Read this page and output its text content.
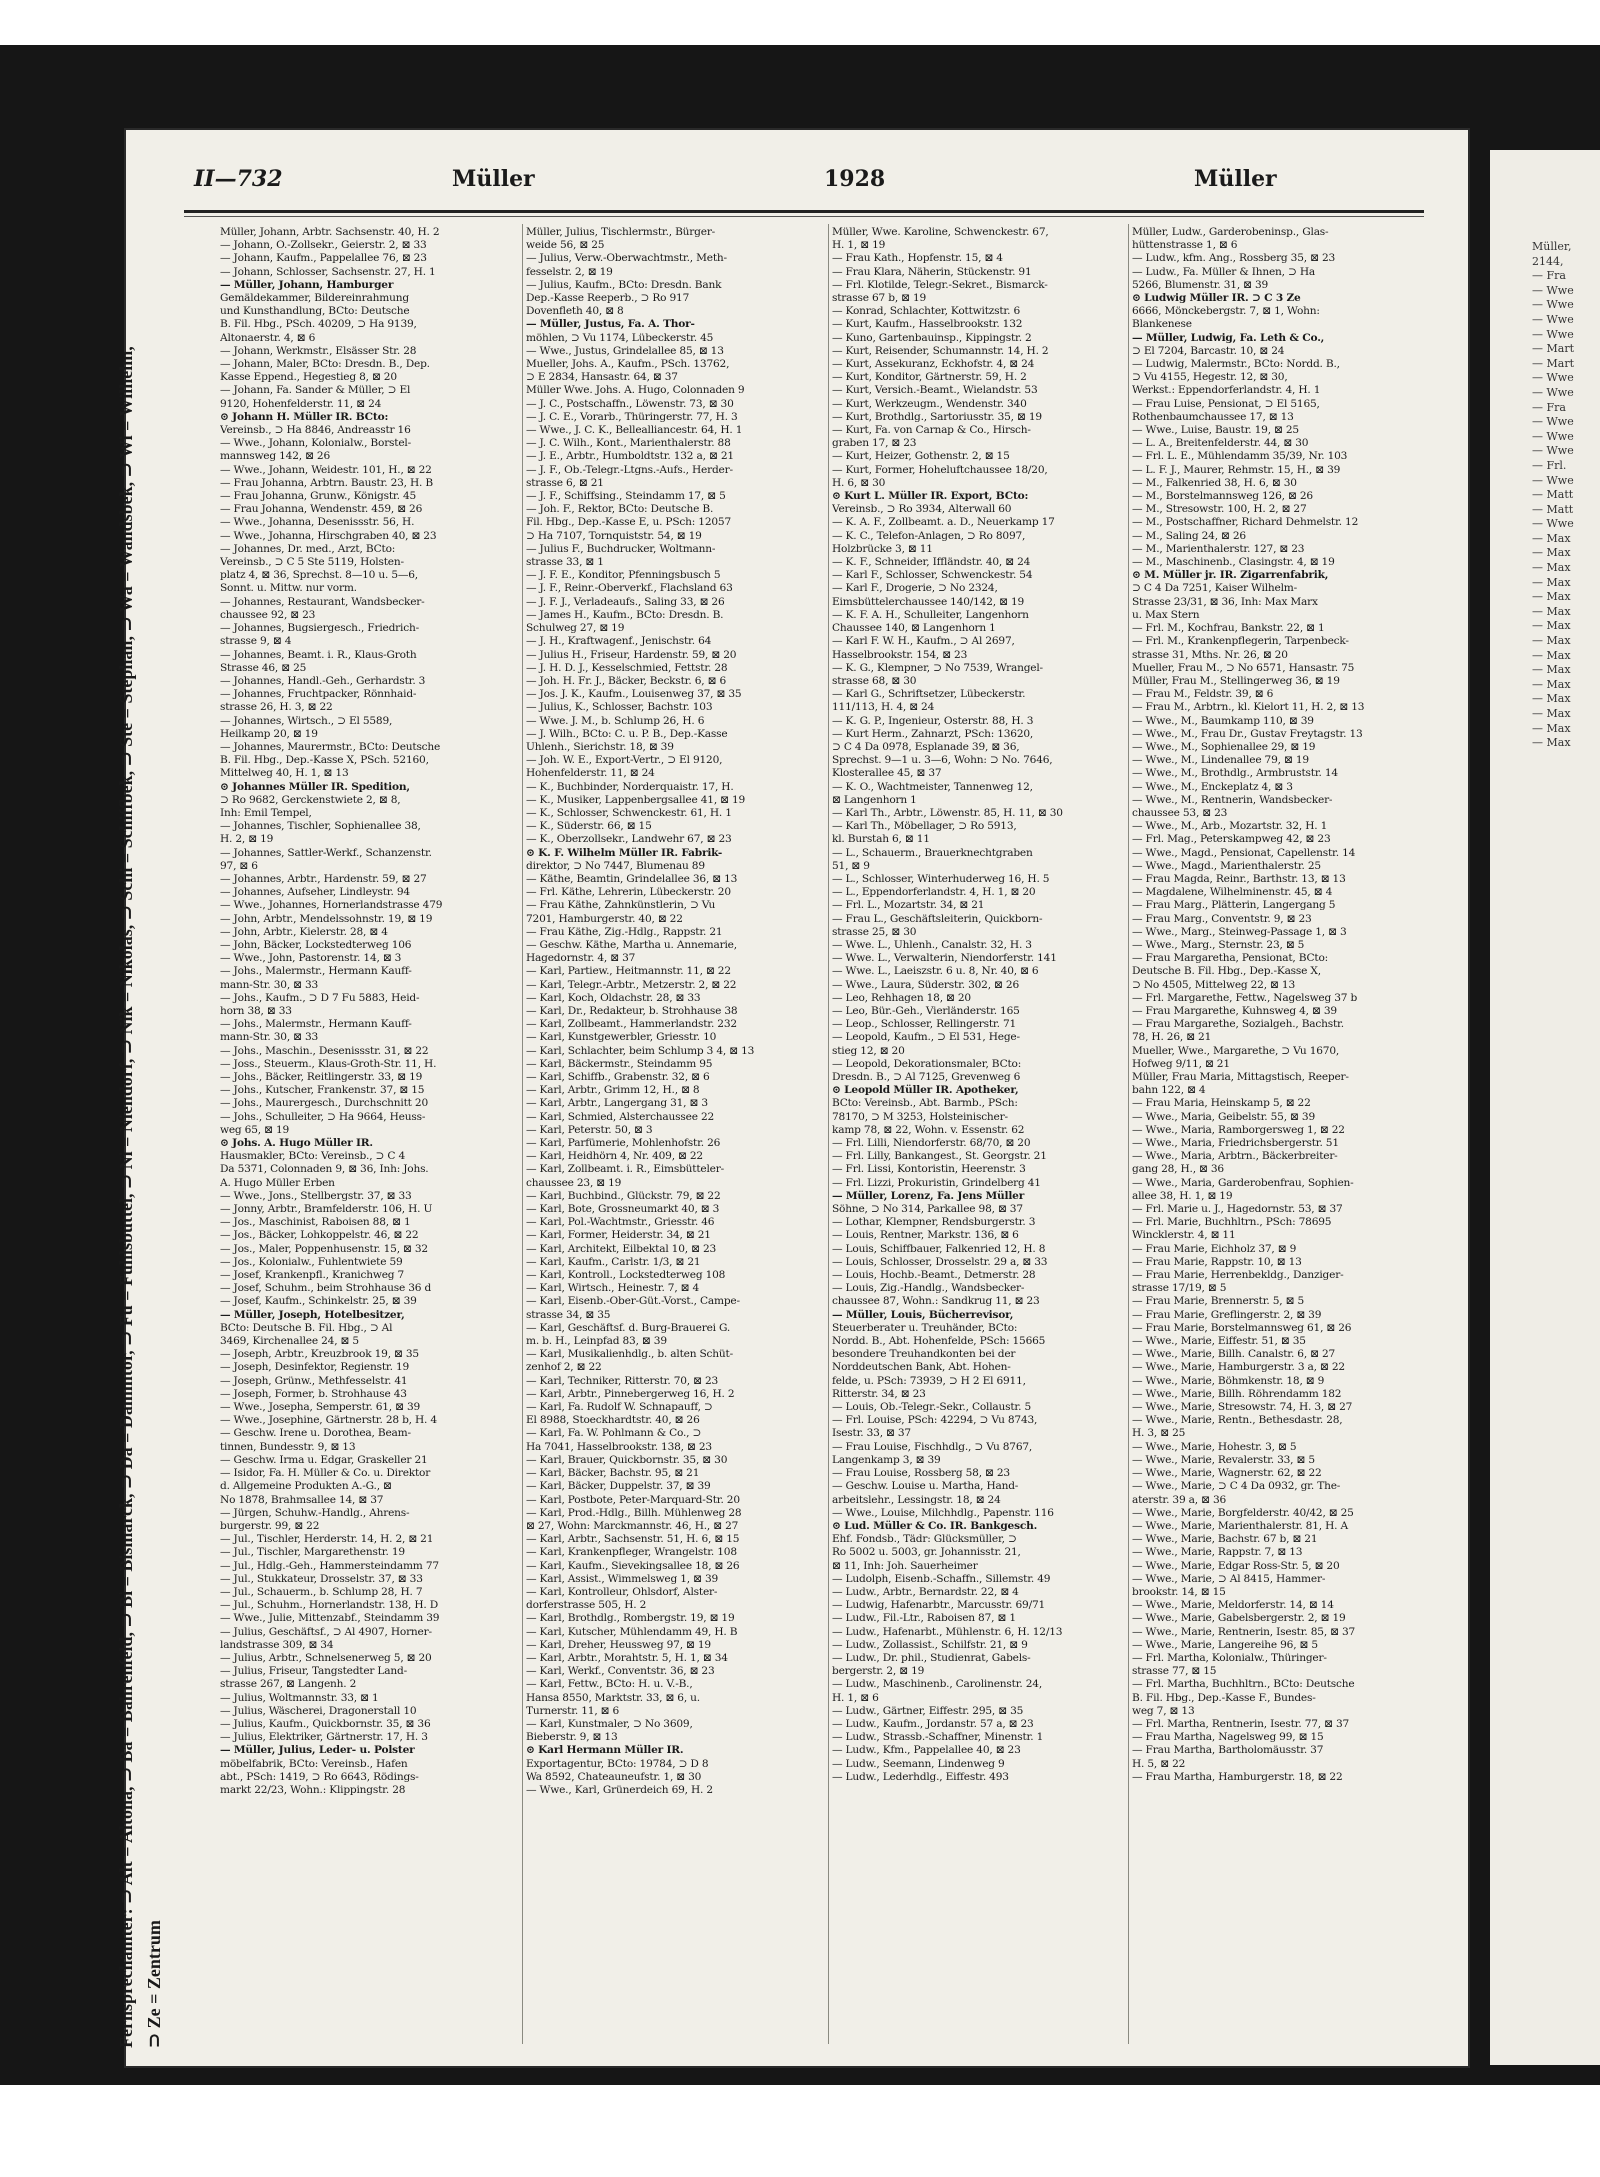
II—732	Müller	1928	Müller
Fernsprechämter: ⊃ Alt = Altona, ⊃ Ba = Bahrenfeld, ⊃ Bi = Bismarck, ⊃ Da = Dammtor, ⊃ Fu = Fuhlsbüttel, ⊃ Ni = Niendorf, ⊃ Nik = Nikolas, ⊃ Schi = Schiffbek, ⊃ Ste = Stephan, ⊃ Wa = Wandsbek, ⊃ Wi = Wilhelm, ⊃ Ze = Zentrum
Müller, Johann, Arbtr. Sachsenstr. 40, H. 2
— Johann, O.-Zollsekr., Geierstr. 2, ⊠ 33
— Johann, Kaufm., Pappelallee 76, ⊠ 23
— Johann, Schlosser, Sachsenstr. 27, H. 1
— Müller, Johann, Hamburger
Gemäldekammer, Bildereinrahmung
und Kunsthandlung, BCto: Deutsche
B. Fil. Hbg., PSch. 40209, ⊃ Ha 9139,
Altonaerstr. 4, ⊠ 6
— Johann, Werkmstr., Elsässer Str. 28
— Johann, Maler, BCto: Dresdn. B., Dep.
Kasse Eppend., Hegestieg 8, ⊠ 20
— Johann, Fa. Sander & Müller, ⊃ El
9120, Hohenfelderstr. 11, ⊠ 24
⊙ Johann H. Müller IR. BCto:
Vereinsb., ⊃ Ha 8846, Andreasstr 16
— Wwe., Johann, Kolonialw., Borstel-
mannsweg 142, ⊠ 26
— Wwe., Johann, Weidestr. 101, H., ⊠ 22
— Frau Johanna, Arbtrn. Baustr. 23, H. B
— Frau Johanna, Grunw., Königstr. 45
— Frau Johanna, Wendenstr. 459, ⊠ 26
— Wwe., Johanna, Desenissstr. 56, H.
— Wwe., Johanna, Hirschgraben 40, ⊠ 23
— Johannes, Dr. med., Arzt, BCto:
Vereinsb., ⊃ C 5 Ste 5119, Holsten-
platz 4, ⊠ 36, Sprechst. 8—10 u. 5—6,
Sonnt. u. Mittw. nur vorm.
— Johannes, Restaurant, Wandsbecker-
chaussee 92, ⊠ 23
— Johannes, Bugsiergesch., Friedrich-
strasse 9, ⊠ 4
— Johannes, Beamt. i. R., Klaus-Groth
Strasse 46, ⊠ 25
— Johannes, Handl.-Geh., Gerhardstr. 3
— Johannes, Fruchtpacker, Rönnhaid-
strasse 26, H. 3, ⊠ 22
— Johannes, Wirtsch., ⊃ El 5589,
Heilkamp 20, ⊠ 19
— Johannes, Maurermstr., BCto: Deutsche
B. Fil. Hbg., Dep.-Kasse X, PSch. 52160,
Mittelweg 40, H. 1, ⊠ 13
⊙ Johannes Müller IR. Spedition,
⊃ Ro 9682, Gerckenstwiete 2, ⊠ 8,
Inh: Emil Tempel,
— Johannes, Tischler, Sophienallee 38,
H. 2, ⊠ 19
— Johannes, Sattler-Werkf., Schanzenstr.
97, ⊠ 6
— Johannes, Arbtr., Hardenstr. 59, ⊠ 27
— Johannes, Aufseher, Lindleystr. 94
— Wwe., Johannes, Hornerlandstrasse 479
— John, Arbtr., Mendelssohnstr. 19, ⊠ 19
— John, Arbtr., Kielerstr. 28, ⊠ 4
— John, Bäcker, Lockstedterweg 106
— Wwe., John, Pastorenstr. 14, ⊠ 3
— Johs., Malermstr., Hermann Kauff-
mann-Str. 30, ⊠ 33
— Johs., Kaufm., ⊃ D 7 Fu 5883, Heid-
horn 38, ⊠ 33
— Johs., Malermstr., Hermann Kauff-
mann-Str. 30, ⊠ 33
— Johs., Maschin., Desenissstr. 31, ⊠ 22
— Joss., Steuerm., Klaus-Groth-Str. 11, H.
— Johs., Bäcker, Reitlingerstr. 33, ⊠ 19
— Johs., Kutscher, Frankenstr. 37, ⊠ 15
— Johs., Maurergesch., Durchschnitt 20
— Johs., Schulleiter, ⊃ Ha 9664, Heuss-
weg 65, ⊠ 19
⊙ Johs. A. Hugo Müller IR.
Hausmakler, BCto: Vereinsb., ⊃ C 4
Da 5371, Colonnaden 9, ⊠ 36, Inh: Johs.
A. Hugo Müller Erben
— Wwe., Jons., Stellbergstr. 37, ⊠ 33
— Jonny, Arbtr., Bramfelderstr. 106, H. U
— Jos., Maschinist, Raboisen 88, ⊠ 1
— Jos., Bäcker, Lohkoppelstr. 46, ⊠ 22
— Jos., Maler, Poppenhusenstr. 15, ⊠ 32
— Jos., Kolonialw., Fuhlentwiete 59
— Josef, Krankenpfl., Kranichweg 7
— Josef, Schuhm., beim Strohhause 36 d
— Josef, Kaufm., Schinkelstr. 25, ⊠ 39
— Müller, Joseph, Hotelbesitzer,
BCto: Deutsche B. Fil. Hbg., ⊃ Al
3469, Kirchenallee 24, ⊠ 5
— Joseph, Arbtr., Kreuzbrook 19, ⊠ 35
— Joseph, Desinfektor, Regienstr. 19
— Joseph, Grünw., Methfesselstr. 41
— Joseph, Former, b. Strohhause 43
— Wwe., Josepha, Semperstr. 61, ⊠ 39
— Wwe., Josephine, Gärtnerstr. 28 b, H. 4
— Geschw. Irene u. Dorothea, Beam-
tinnen, Bundesstr. 9, ⊠ 13
— Geschw. Irma u. Edgar, Graskeller 21
— Isidor, Fa. H. Müller & Co. u. Direktor
d. Allgemeine Produkten A.-G., ⊠
No 1878, Brahmsallee 14, ⊠ 37
— Jürgen, Schuhw.-Handlg., Ahrens-
burgerstr. 99, ⊠ 22
— Jul., Tischler, Herderstr. 14, H. 2, ⊠ 21
— Jul., Tischler, Margarethenstr. 19
— Jul., Hdlg.-Geh., Hammersteindamm 77
— Jul., Stukkateur, Drosselstr. 37, ⊠ 33
— Jul., Schauerm., b. Schlump 28, H. 7
— Jul., Schuhm., Hornerlandstr. 138, H. D
— Wwe., Julie, Mittenzabf., Steindamm 39
— Julius, Geschäftsf., ⊃ Al 4907, Horner-
landstrasse 309, ⊠ 34
— Julius, Arbtr., Schnelsenerweg 5, ⊠ 20
— Julius, Friseur, Tangstedter Land-
strasse 267, ⊠ Langenh. 2
— Julius, Woltmannstr. 33, ⊠ 1
— Julius, Wäscherei, Dragonerstall 10
— Julius, Kaufm., Quickbornstr. 35, ⊠ 36
— Julius, Elektriker, Gärtnerstr. 17, H. 3
— Müller, Julius, Leder- u. Polster
möbelfabrik, BCto: Vereinsb., Hafen
abt., PSch: 1419, ⊃ Ro 6643, Rödings-
markt 22/23, Wohn.: Klippingstr. 28
Müller, Julius, Tischlermstr., Bürger-
weide 56, ⊠ 25
— Julius, Verw.-Oberwachtmstr., Meth-
fesselstr. 2, ⊠ 19
— Julius, Kaufm., BCto: Dresdn. Bank
Dep.-Kasse Reeperb., ⊃ Ro 917
Dovenfleth 40, ⊠ 8
— Müller, Justus, Fa. A. Thor-
möhlen, ⊃ Vu 1174, Lübeckerstr. 45
— Wwe., Justus, Grindelallee 85, ⊠ 13
Mueller, Johs. A., Kaufm., PSch. 13762,
⊃ E 2834, Hansastr. 64, ⊠ 37
Müller Wwe. Johs. A. Hugo, Colonnaden 9
— J. C., Postschaffn., Löwenstr. 73, ⊠ 30
— J. C. E., Vorarb., Thüringerstr. 77, H. 3
— Wwe., J. C. K., Bellealliancestr. 64, H. 1
— J. C. Wilh., Kont., Marienthalerstr. 88
— J. E., Arbtr., Humboldtstr. 132 a, ⊠ 21
— J. F., Ob.-Telegr.-Ltgns.-Aufs., Herder-
strasse 6, ⊠ 21
— J. F., Schiffsing., Steindamm 17, ⊠ 5
— Joh. F., Rektor, BCto: Deutsche B.
Fil. Hbg., Dep.-Kasse E, u. PSch: 12057
⊃ Ha 7107, Tornquiststr. 54, ⊠ 19
— Julius F., Buchdrucker, Woltmann-
strasse 33, ⊠ 1
— J. F. E., Konditor, Pfenningsbusch 5
— J. F., Reinr.-Oberverkf., Flachsland 63
— J. F. J., Verladeaufs., Saling 33, ⊠ 26
— James H., Kaufm., BCto: Dresdn. B.
Schulweg 27, ⊠ 19
— J. H., Kraftwagenf., Jenischstr. 64
— Julius H., Friseur, Hardenstr. 59, ⊠ 20
— J. H. D. J., Kesselschmied, Fettstr. 28
— Joh. H. Fr. J., Bäcker, Beckstr. 6, ⊠ 6
— Jos. J. K., Kaufm., Louisenweg 37, ⊠ 35
— Julius, K., Schlosser, Bachstr. 103
— Wwe. J. M., b. Schlump 26, H. 6
— J. Wilh., BCto: C. u. P. B., Dep.-Kasse
Uhlenh., Sierichstr. 18, ⊠ 39
— Joh. W. E., Export-Vertr., ⊃ El 9120,
Hohenfelderstr. 11, ⊠ 24
— K., Buchbinder, Norderquaistr. 17, H.
— K., Musiker, Lappenbergsallee 41, ⊠ 19
— K., Schlosser, Schwenckestr. 61, H. 1
— K., Süderstr. 66, ⊠ 15
— K., Oberzollsekr., Landwehr 67, ⊠ 23
⊙ K. F. Wilhelm Müller IR. Fabrik-
direktor, ⊃ No 7447, Blumenau 89
— Käthe, Beamtin, Grindelallee 36, ⊠ 13
— Frl. Käthe, Lehrerin, Lübeckerstr. 20
— Frau Käthe, Zahnkünstlerin, ⊃ Vu
7201, Hamburgerstr. 40, ⊠ 22
— Frau Käthe, Zig.-Hdlg., Rappstr. 21
— Geschw. Käthe, Martha u. Annemarie,
Hagedornstr. 4, ⊠ 37
— Karl, Partiew., Heitmannstr. 11, ⊠ 22
— Karl, Telegr.-Arbtr., Metzerstr. 2, ⊠ 22
— Karl, Koch, Oldachstr. 28, ⊠ 33
— Karl, Dr., Redakteur, b. Strohhause 38
— Karl, Zollbeamt., Hammerlandstr. 232
— Karl, Kunstgewerbler, Griesstr. 10
— Karl, Schlachter, beim Schlump 3 4, ⊠ 13
— Karl, Bäckermstr., Steindamm 95
— Karl, Schiffb., Grabenstr. 32, ⊠ 6
— Karl, Arbtr., Grimm 12, H., ⊠ 8
— Karl, Arbtr., Langergang 31, ⊠ 3
— Karl, Schmied, Alsterchaussee 22
— Karl, Peterstr. 50, ⊠ 3
— Karl, Parfümerie, Mohlenhofstr. 26
— Karl, Heidhörn 4, Nr. 409, ⊠ 22
— Karl, Zollbeamt. i. R., Eimsbütteler-
chaussee 23, ⊠ 19
— Karl, Buchbind., Glückstr. 79, ⊠ 22
— Karl, Bote, Grossneumarkt 40, ⊠ 3
— Karl, Pol.-Wachtmstr., Griesstr. 46
— Karl, Former, Heiderstr. 34, ⊠ 21
— Karl, Architekt, Eilbektal 10, ⊠ 23
— Karl, Kaufm., Carlstr. 1/3, ⊠ 21
— Karl, Kontroll., Lockstedterweg 108
— Karl, Wirtsch., Heinestr. 7, ⊠ 4
— Karl, Eisenb.-Ober-Güt.-Vorst., Campe-
strasse 34, ⊠ 35
— Karl, Geschäftsf. d. Burg-Brauerei G.
m. b. H., Leinpfad 83, ⊠ 39
— Karl, Musikalienhdlg., b. alten Schüt-
zenhof 2, ⊠ 22
— Karl, Techniker, Ritterstr. 70, ⊠ 23
— Karl, Arbtr., Pinnebergerweg 16, H. 2
— Karl, Fa. Rudolf W. Schnapauff, ⊃
El 8988, Stoeckhardtstr. 40, ⊠ 26
— Karl, Fa. W. Pohlmann & Co., ⊃
Ha 7041, Hasselbrookstr. 138, ⊠ 23
— Karl, Brauer, Quickbornstr. 35, ⊠ 30
— Karl, Bäcker, Bachstr. 95, ⊠ 21
— Karl, Bäcker, Duppelstr. 37, ⊠ 39
— Karl, Postbote, Peter-Marquard-Str. 20
— Karl, Prod.-Hdlg., Billh. Mühlenweg 28
⊠ 27, Wohn: Marckmannstr. 46, H., ⊠ 27
— Karl, Arbtr., Sachsenstr. 51, H. 6, ⊠ 15
— Karl, Krankenpfleger, Wrangelstr. 108
— Karl, Kaufm., Sievekingsallee 18, ⊠ 26
— Karl, Assist., Wimmelsweg 1, ⊠ 39
— Karl, Kontrolleur, Ohlsdorf, Alster-
dorferstrasse 505, H. 2
— Karl, Brothdlg., Rombergstr. 19, ⊠ 19
— Karl, Kutscher, Mühlendamm 49, H. B
— Karl, Dreher, Heussweg 97, ⊠ 19
— Karl, Arbtr., Morahtstr. 5, H. 1, ⊠ 34
— Karl, Werkf., Conventstr. 36, ⊠ 23
— Karl, Fettw., BCto: H. u. V.-B.,
Hansa 8550, Marktstr. 33, ⊠ 6, u.
Turnerstr. 11, ⊠ 6
— Karl, Kunstmaler, ⊃ No 3609,
Bieberstr. 9, ⊠ 13
⊙ Karl Hermann Müller IR.
Exportagentur, BCto: 19784, ⊃ D 8
Wa 8592, Chateauneufstr. 1, ⊠ 30
— Wwe., Karl, Grünerdeich 69, H. 2
Müller, Wwe. Karoline, Schwenckestr. 67,
H. 1, ⊠ 19
— Frau Kath., Hopfenstr. 15, ⊠ 4
— Frau Klara, Näherin, Stückenstr. 91
— Frl. Klotilde, Telegr.-Sekret., Bismarck-
strasse 67 b, ⊠ 19
— Konrad, Schlachter, Kottwitzstr. 6
— Kurt, Kaufm., Hasselbrookstr. 132
— Kuno, Gartenbauinsp., Kippingstr. 2
— Kurt, Reisender, Schumannstr. 14, H. 2
— Kurt, Assekuranz, Eckhofstr. 4, ⊠ 24
— Kurt, Konditor, Gärtnerstr. 59, H. 2
— Kurt, Versich.-Beamt., Wielandstr. 53
— Kurt, Werkzeugm., Wendenstr. 340
— Kurt, Brothdlg., Sartoriusstr. 35, ⊠ 19
— Kurt, Fa. von Carnap & Co., Hirsch-
graben 17, ⊠ 23
— Kurt, Heizer, Gothenstr. 2, ⊠ 15
— Kurt, Former, Hoheluftchaussee 18/20,
H. 6, ⊠ 30
⊙ Kurt L. Müller IR. Export, BCto:
Vereinsb., ⊃ Ro 3934, Alterwall 60
— K. A. F., Zollbeamt. a. D., Neuerkamp 17
— K. C., Telefon-Anlagen, ⊃ Ro 8097,
Holzbrücke 3, ⊠ 11
— K. F., Schneider, Iffländstr. 40, ⊠ 24
— Karl F., Schlosser, Schwenckestr. 54
— Karl F., Drogerie, ⊃ No 2324,
Eimsbüttelerchaussee 140/142, ⊠ 19
— K. F. A. H., Schulleiter, Langenhorn
Chaussee 140, ⊠ Langenhorn 1
— Karl F. W. H., Kaufm., ⊃ Al 2697,
Hasselbrookstr. 154, ⊠ 23
— K. G., Klempner, ⊃ No 7539, Wrangel-
strasse 68, ⊠ 30
— Karl G., Schriftsetzer, Lübeckerstr.
111/113, H. 4, ⊠ 24
— K. G. P., Ingenieur, Osterstr. 88, H. 3
— Kurt Herm., Zahnarzt, PSch: 13620,
⊃ C 4 Da 0978, Esplanade 39, ⊠ 36,
Sprechst. 9—1 u. 3—6, Wohn: ⊃ No. 7646,
Klosterallee 45, ⊠ 37
— K. O., Wachtmeister, Tannenweg 12,
⊠ Langenhorn 1
— Karl Th., Arbtr., Löwenstr. 85, H. 11, ⊠ 30
— Karl Th., Möbellager, ⊃ Ro 5913,
kl. Burstah 6, ⊠ 11
— L., Schauerm., Brauerknechtgraben
51, ⊠ 9
— L., Schlosser, Winterhuderweg 16, H. 5
— L., Eppendorferlandstr. 4, H. 1, ⊠ 20
— Frl. L., Mozartstr. 34, ⊠ 21
— Frau L., Geschäftsleiterin, Quickborn-
strasse 25, ⊠ 30
— Wwe. L., Uhlenh., Canalstr. 32, H. 3
— Wwe. L., Verwalterin, Niendorferstr. 141
— Wwe. L., Laeiszstr. 6 u. 8, Nr. 40, ⊠ 6
— Wwe., Laura, Süderstr. 302, ⊠ 26
— Leo, Rehhagen 18, ⊠ 20
— Leo, Bür.-Geh., Vierländerstr. 165
— Leop., Schlosser, Rellingerstr. 71
— Leopold, Kaufm., ⊃ El 531, Hege-
stieg 12, ⊠ 20
— Leopold, Dekorationsmaler, BCto:
Dresdn. B., ⊃ Al 7125, Grevenweg 6
⊙ Leopold Müller IR. Apotheker,
BCto: Vereinsb., Abt. Barmb., PSch:
78170, ⊃ M 3253, Holsteinischer-
kamp 78, ⊠ 22, Wohn. v. Essenstr. 62
— Frl. Lilli, Niendorferstr. 68/70, ⊠ 20
— Frl. Lilly, Bankangest., St. Georgstr. 21
— Frl. Lissi, Kontoristin, Heerenstr. 3
— Frl. Lizzi, Prokuristin, Grindelberg 41
— Müller, Lorenz, Fa. Jens Müller
Söhne, ⊃ No 314, Parkallee 98, ⊠ 37
— Lothar, Klempner, Rendsburgerstr. 3
— Louis, Rentner, Markstr. 136, ⊠ 6
— Louis, Schiffbauer, Falkenried 12, H. 8
— Louis, Schlosser, Drosselstr. 29 a, ⊠ 33
— Louis, Hochb.-Beamt., Detmerstr. 28
— Louis, Zig.-Handlg., Wandsbecker-
chaussee 87, Wohn.: Sandkrug 11, ⊠ 23
— Müller, Louis, Bücherrevisor,
Steuerberater u. Treuhänder, BCto:
Nordd. B., Abt. Hohenfelde, PSch: 15665
besondere Treuhandkonten bei der
Norddeutschen Bank, Abt. Hohen-
felde, u. PSch: 73939, ⊃ H 2 El 6911,
Ritterstr. 34, ⊠ 23
— Louis, Ob.-Telegr.-Sekr., Collaustr. 5
— Frl. Louise, PSch: 42294, ⊃ Vu 8743,
Isestr. 33, ⊠ 37
— Frau Louise, Fischhdlg., ⊃ Vu 8767,
Langenkamp 3, ⊠ 39
— Frau Louise, Rossberg 58, ⊠ 23
— Geschw. Louise u. Martha, Hand-
arbeitslehr., Lessingstr. 18, ⊠ 24
— Wwe., Louise, Milchhdlg., Papenstr. 116
⊙ Lud. Müller & Co. IR. Bankgesch.
Ehf. Fondsb., Tädr: Glücksmüller, ⊃
Ro 5002 u. 5003, gr. Johannisstr. 21,
⊠ 11, Inh: Joh. Sauerheimer
— Ludolph, Eisenb.-Schaffn., Sillemstr. 49
— Ludw., Arbtr., Bernardstr. 22, ⊠ 4
— Ludwig, Hafenarbtr., Marcusstr. 69/71
— Ludw., Fil.-Ltr., Raboisen 87, ⊠ 1
— Ludw., Hafenarbt., Mühlenstr. 6, H. 12/13
— Ludw., Zollassist., Schilfstr. 21, ⊠ 9
— Ludw., Dr. phil., Studienrat, Gabels-
bergerstr. 2, ⊠ 19
— Ludw., Maschinenb., Carolinenstr. 24,
H. 1, ⊠ 6
— Ludw., Gärtner, Eiffestr. 295, ⊠ 35
— Ludw., Kaufm., Jordanstr. 57 a, ⊠ 23
— Ludw., Strassb.-Schaffner, Minenstr. 1
— Ludw., Kfm., Pappelallee 40, ⊠ 23
— Ludw., Seemann, Lindenweg 9
— Ludw., Lederhdlg., Eiffestr. 493
Müller, Ludw., Garderobeninsp., Glas-
hüttenstrasse 1, ⊠ 6
— Ludw., kfm. Ang., Rossberg 35, ⊠ 23
— Ludw., Fa. Müller & Ihnen, ⊃ Ha
5266, Blumenstr. 31, ⊠ 39
⊙ Ludwig Müller IR. ⊃ C 3 Ze
6666, Mönckebergstr. 7, ⊠ 1, Wohn:
Blankenese
— Müller, Ludwig, Fa. Leth & Co.,
⊃ El 7204, Barcastr. 10, ⊠ 24
— Ludwig, Malermstr., BCto: Nordd. B.,
⊃ Vu 4155, Hegestr. 12, ⊠ 30,
Werkst.: Eppendorferlandstr. 4, H. 1
— Frau Luise, Pensionat, ⊃ El 5165,
Rothenbaumchaussee 17, ⊠ 13
— Wwe., Luise, Baustr. 19, ⊠ 25
— L. A., Breitenfelderstr. 44, ⊠ 30
— Frl. L. E., Mühlendamm 35/39, Nr. 103
— L. F. J., Maurer, Rehmstr. 15, H., ⊠ 39
— M., Falkenried 38, H. 6, ⊠ 30
— M., Borstelmannsweg 126, ⊠ 26
— M., Stresowstr. 100, H. 2, ⊠ 27
— M., Postschaffner, Richard Dehmelstr. 12
— M., Saling 24, ⊠ 26
— M., Marienthalerstr. 127, ⊠ 23
— M., Maschinenb., Clasingstr. 4, ⊠ 19
⊙ M. Müller jr. IR. Zigarrenfabrik,
⊃ C 4 Da 7251, Kaiser Wilhelm-
Strasse 23/31, ⊠ 36, Inh: Max Marx
u. Max Stern
— Frl. M., Kochfrau, Bankstr. 22, ⊠ 1
— Frl. M., Krankenpflegerin, Tarpenbeck-
strasse 31, Mths. Nr. 26, ⊠ 20
Mueller, Frau M., ⊃ No 6571, Hansastr. 75
Müller, Frau M., Stellingerweg 36, ⊠ 19
— Frau M., Feldstr. 39, ⊠ 6
— Frau M., Arbtrn., kl. Kielort 11, H. 2, ⊠ 13
— Wwe., M., Baumkamp 110, ⊠ 39
— Wwe., M., Frau Dr., Gustav Freytagstr. 13
— Wwe., M., Sophienallee 29, ⊠ 19
— Wwe., M., Lindenallee 79, ⊠ 19
— Wwe., M., Brothdlg., Armbruststr. 14
— Wwe., M., Enckeplatz 4, ⊠ 3
— Wwe., M., Rentnerin, Wandsbecker-
chaussee 53, ⊠ 23
— Wwe., M., Arb., Mozartstr. 32, H. 1
— Frl. Mag., Peterskampweg 42, ⊠ 23
— Wwe., Magd., Pensionat, Capellenstr. 14
— Wwe., Magd., Marienthalerstr. 25
— Frau Magda, Reinr., Barthstr. 13, ⊠ 13
— Magdalene, Wilhelminenstr. 45, ⊠ 4
— Frau Marg., Plätterin, Langergang 5
— Frau Marg., Conventstr. 9, ⊠ 23
— Wwe., Marg., Steinweg-Passage 1, ⊠ 3
— Wwe., Marg., Sternstr. 23, ⊠ 5
— Frau Margaretha, Pensionat, BCto:
Deutsche B. Fil. Hbg., Dep.-Kasse X,
⊃ No 4505, Mittelweg 22, ⊠ 13
— Frl. Margarethe, Fettw., Nagelsweg 37 b
— Frau Margarethe, Kuhnsweg 4, ⊠ 39
— Frau Margarethe, Sozialgeh., Bachstr.
78, H. 26, ⊠ 21
Mueller, Wwe., Margarethe, ⊃ Vu 1670,
Hofweg 9/11, ⊠ 21
Müller, Frau Maria, Mittagstisch, Reeper-
bahn 122, ⊠ 4
— Frau Maria, Heinskamp 5, ⊠ 22
— Wwe., Maria, Geibelstr. 55, ⊠ 39
— Wwe., Maria, Ramborgersweg 1, ⊠ 22
— Wwe., Maria, Friedrichsbergerstr. 51
— Wwe., Maria, Arbtrn., Bäckerbreiter-
gang 28, H., ⊠ 36
— Wwe., Maria, Garderobenfrau, Sophien-
allee 38, H. 1, ⊠ 19
— Frl. Marie u. J., Hagedornstr. 53, ⊠ 37
— Frl. Marie, Buchhltrn., PSch: 78695
Wincklerstr. 4, ⊠ 11
— Frau Marie, Eichholz 37, ⊠ 9
— Frau Marie, Rappstr. 10, ⊠ 13
— Frau Marie, Herrenbekldg., Danziger-
strasse 17/19, ⊠ 5
— Frau Marie, Brennerstr. 5, ⊠ 5
— Frau Marie, Greflingerstr. 2, ⊠ 39
— Frau Marie, Borstelmannsweg 61, ⊠ 26
— Wwe., Marie, Eiffestr. 51, ⊠ 35
— Wwe., Marie, Billh. Canalstr. 6, ⊠ 27
— Wwe., Marie, Hamburgerstr. 3 a, ⊠ 22
— Wwe., Marie, Böhmkenstr. 18, ⊠ 9
— Wwe., Marie, Billh. Röhrendamm 182
— Wwe., Marie, Stresowstr. 74, H. 3, ⊠ 27
— Wwe., Marie, Rentn., Bethesdastr. 28,
H. 3, ⊠ 25
— Wwe., Marie, Hohestr. 3, ⊠ 5
— Wwe., Marie, Revalerstr. 33, ⊠ 5
— Wwe., Marie, Wagnerstr. 62, ⊠ 22
— Wwe., Marie, ⊃ C 4 Da 0932, gr. The-
aterstr. 39 a, ⊠ 36
— Wwe., Marie, Borgfelderstr. 40/42, ⊠ 25
— Wwe., Marie, Marienthalerstr. 81, H. A
— Wwe., Marie, Bachstr. 67 b, ⊠ 21
— Wwe., Marie, Rappstr. 7, ⊠ 13
— Wwe., Marie, Edgar Ross-Str. 5, ⊠ 20
— Wwe., Marie, ⊃ Al 8415, Hammer-
brookstr. 14, ⊠ 15
— Wwe., Marie, Meldorferstr. 14, ⊠ 14
— Wwe., Marie, Gabelsbergerstr. 2, ⊠ 19
— Wwe., Marie, Rentnerin, Isestr. 85, ⊠ 37
— Wwe., Marie, Langereihe 96, ⊠ 5
— Frl. Martha, Kolonialw., Thüringer-
strasse 77, ⊠ 15
— Frl. Martha, Buchhltrn., BCto: Deutsche
B. Fil. Hbg., Dep.-Kasse F., Bundes-
weg 7, ⊠ 13
— Frl. Martha, Rentnerin, Isestr. 77, ⊠ 37
— Frau Martha, Nagelsweg 99, ⊠ 15
— Frau Martha, Bartholomäusstr. 37
H. 5, ⊠ 22
— Frau Martha, Hamburgerstr. 18, ⊠ 22
Müller,
2144,
— Fra
— Wwe
— Wwe
— Wwe
— Wwe
— Mart
— Mart
— Wwe
— Wwe
— Fra
— Wwe
— Wwe
— Wwe
— Frl.
— Wwe
— Matt
— Matt
— Wwe
— Max
— Max
— Max
— Max
— Max
— Max
— Max
— Max
— Max
— Max
— Max
— Max
— Max
— Max
— Max
